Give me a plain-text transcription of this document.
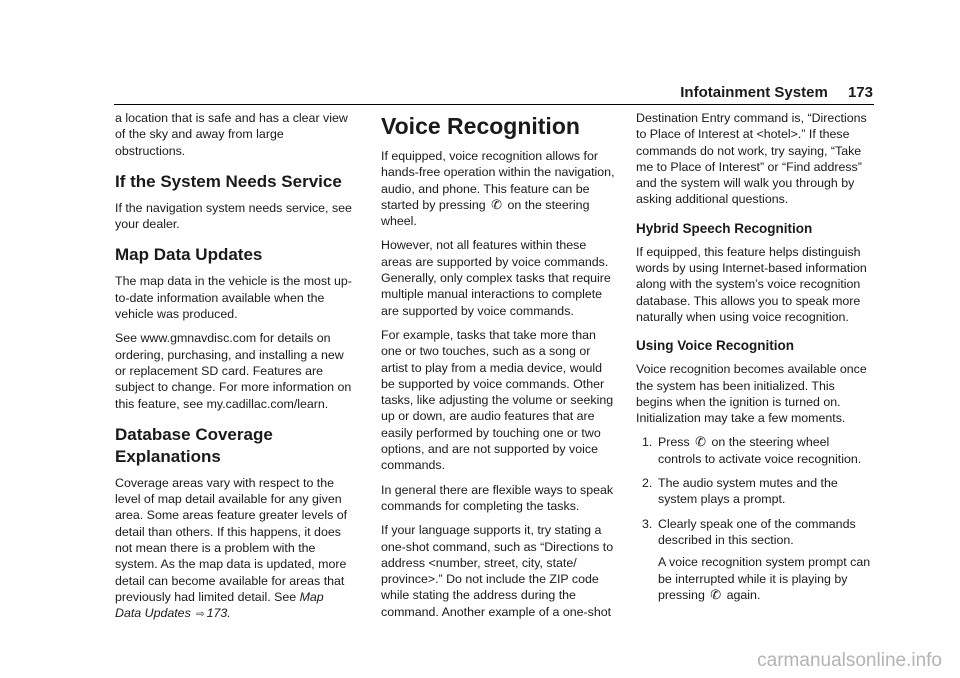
Infotainment System 173

a location that is safe and has a clear view of the sky and away from large obstructions.

If the System Needs Service

If the navigation system needs service, see your dealer.

Map Data Updates

The map data in the vehicle is the most up-to-date information available when the vehicle was produced.

See www.gmnavdisc.com for details on ordering, purchasing, and installing a new or replacement SD card. Features are subject to change. For more information on this feature, see my.cadillac.com/learn.

Database Coverage Explanations

Coverage areas vary with respect to the level of map detail available for any given area. Some areas feature greater levels of detail than others. If this happens, it does not mean there is a problem with the system. As the map data is updated, more detail can become available for areas that previously had limited detail. See Map Data Updates ⇨ 173.

Voice Recognition

If equipped, voice recognition allows for hands-free operation within the navigation, audio, and phone. This feature can be started by pressing ✆ on the steering wheel.

However, not all features within these areas are supported by voice commands. Generally, only complex tasks that require multiple manual interactions to complete are supported by voice commands.

For example, tasks that take more than one or two touches, such as a song or artist to play from a media device, would be supported by voice commands. Other tasks, like adjusting the volume or seeking up or down, are audio features that are easily performed by touching one or two options, and are not supported by voice commands.

In general there are flexible ways to speak commands for completing the tasks.

If your language supports it, try stating a one-shot command, such as “Directions to address <number, street, city, state/ province>.” Do not include the ZIP code while stating the address during the command. Another example of a one-shot

Destination Entry command is, “Directions to Place of Interest at <hotel>.” If these commands do not work, try saying, “Take me to Place of Interest” or “Find address” and the system will walk you through by asking additional questions.

Hybrid Speech Recognition

If equipped, this feature helps distinguish words by using Internet-based information along with the system’s voice recognition database. This allows you to speak more naturally when using voice recognition.

Using Voice Recognition

Voice recognition becomes available once the system has been initialized. This begins when the ignition is turned on. Initialization may take a few moments.

1. Press ✆ on the steering wheel controls to activate voice recognition.
2. The audio system mutes and the system plays a prompt.
3. Clearly speak one of the commands described in this section.

A voice recognition system prompt can be interrupted while it is playing by pressing ✆ again.

carmanualsonline.info
